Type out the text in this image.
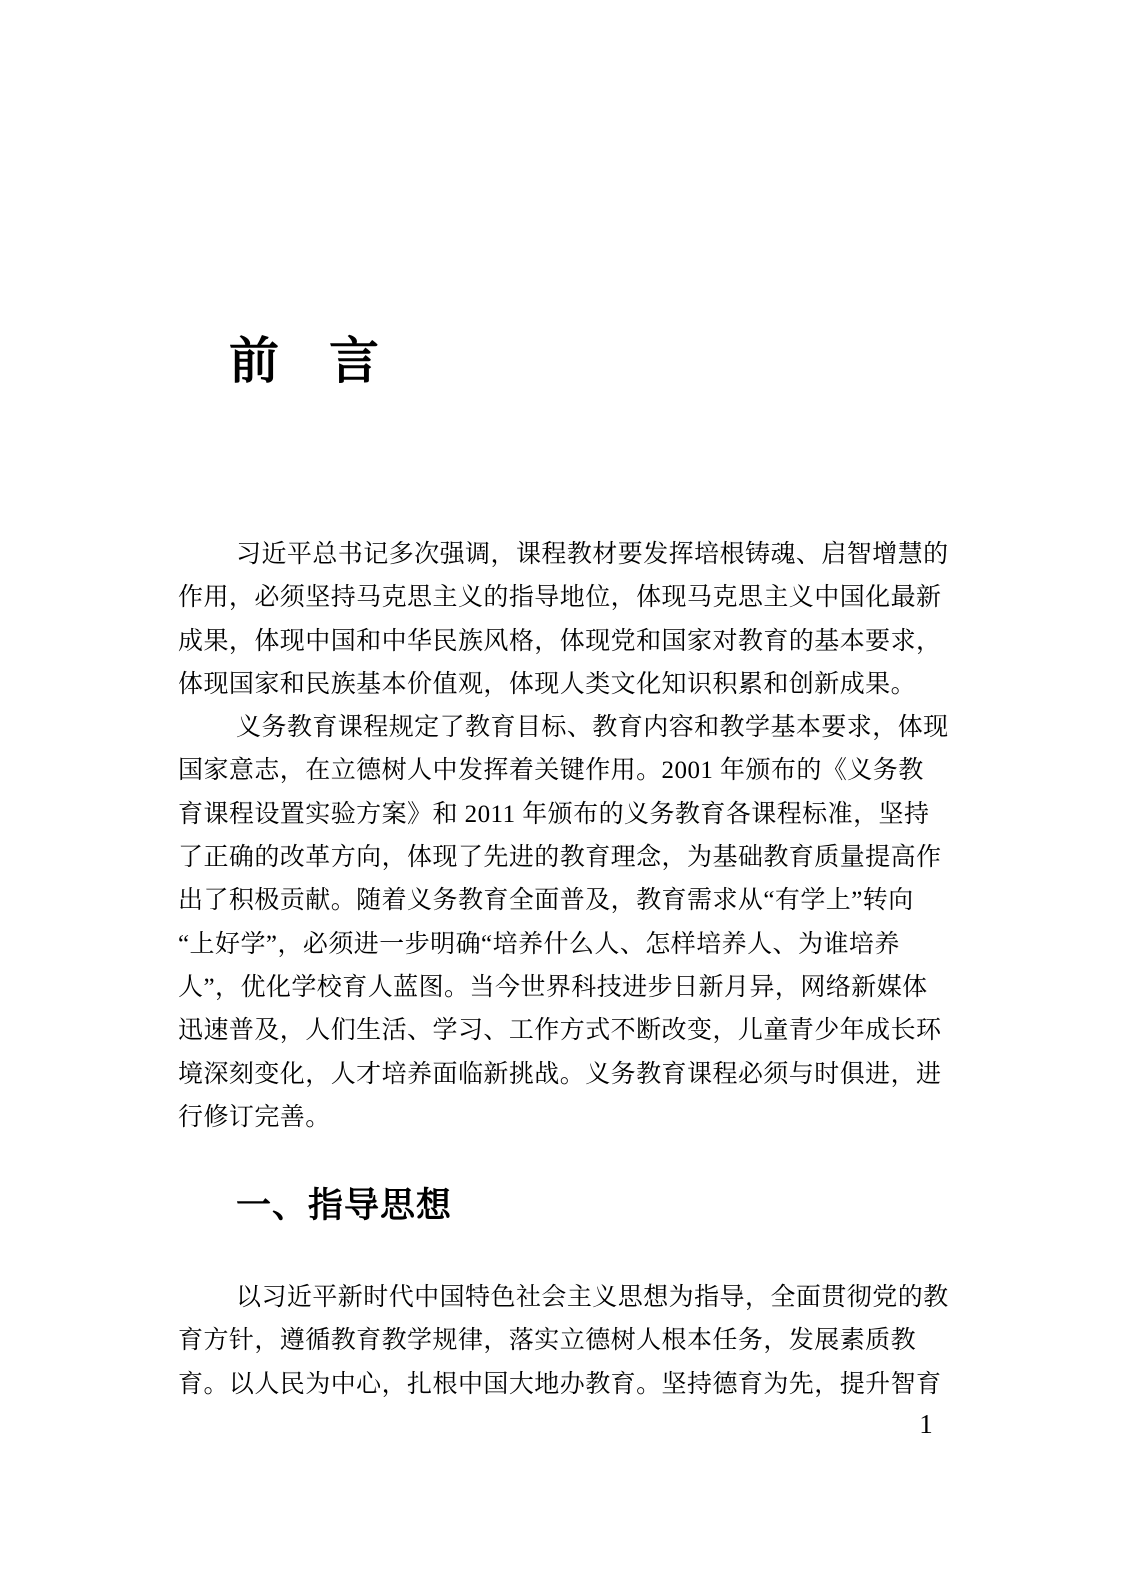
前　言

习近平总书记多次强调，课程教材要发挥培根铸魂、启智增慧的

作用，必须坚持马克思主义的指导地位，体现马克思主义中国化最新

成果，体现中国和中华民族风格，体现党和国家对教育的基本要求，

体现国家和民族基本价值观，体现人类文化知识积累和创新成果。

义务教育课程规定了教育目标、教育内容和教学基本要求，体现

国家意志，在立德树人中发挥着关键作用。2001 年颁布的《义务教

育课程设置实验方案》和 2011 年颁布的义务教育各课程标准，坚持

了正确的改革方向，体现了先进的教育理念，为基础教育质量提高作

出了积极贡献。随着义务教育全面普及，教育需求从“有学上”转向

“上好学”，必须进一步明确“培养什么人、怎样培养人、为谁培养

人”，优化学校育人蓝图。当今世界科技进步日新月异，网络新媒体

迅速普及，人们生活、学习、工作方式不断改变，儿童青少年成长环

境深刻变化，人才培养面临新挑战。义务教育课程必须与时俱进，进

行修订完善。

一、指导思想

以习近平新时代中国特色社会主义思想为指导，全面贯彻党的教

育方针，遵循教育教学规律，落实立德树人根本任务，发展素质教

育。以人民为中心，扎根中国大地办教育。坚持德育为先，提升智育

1
